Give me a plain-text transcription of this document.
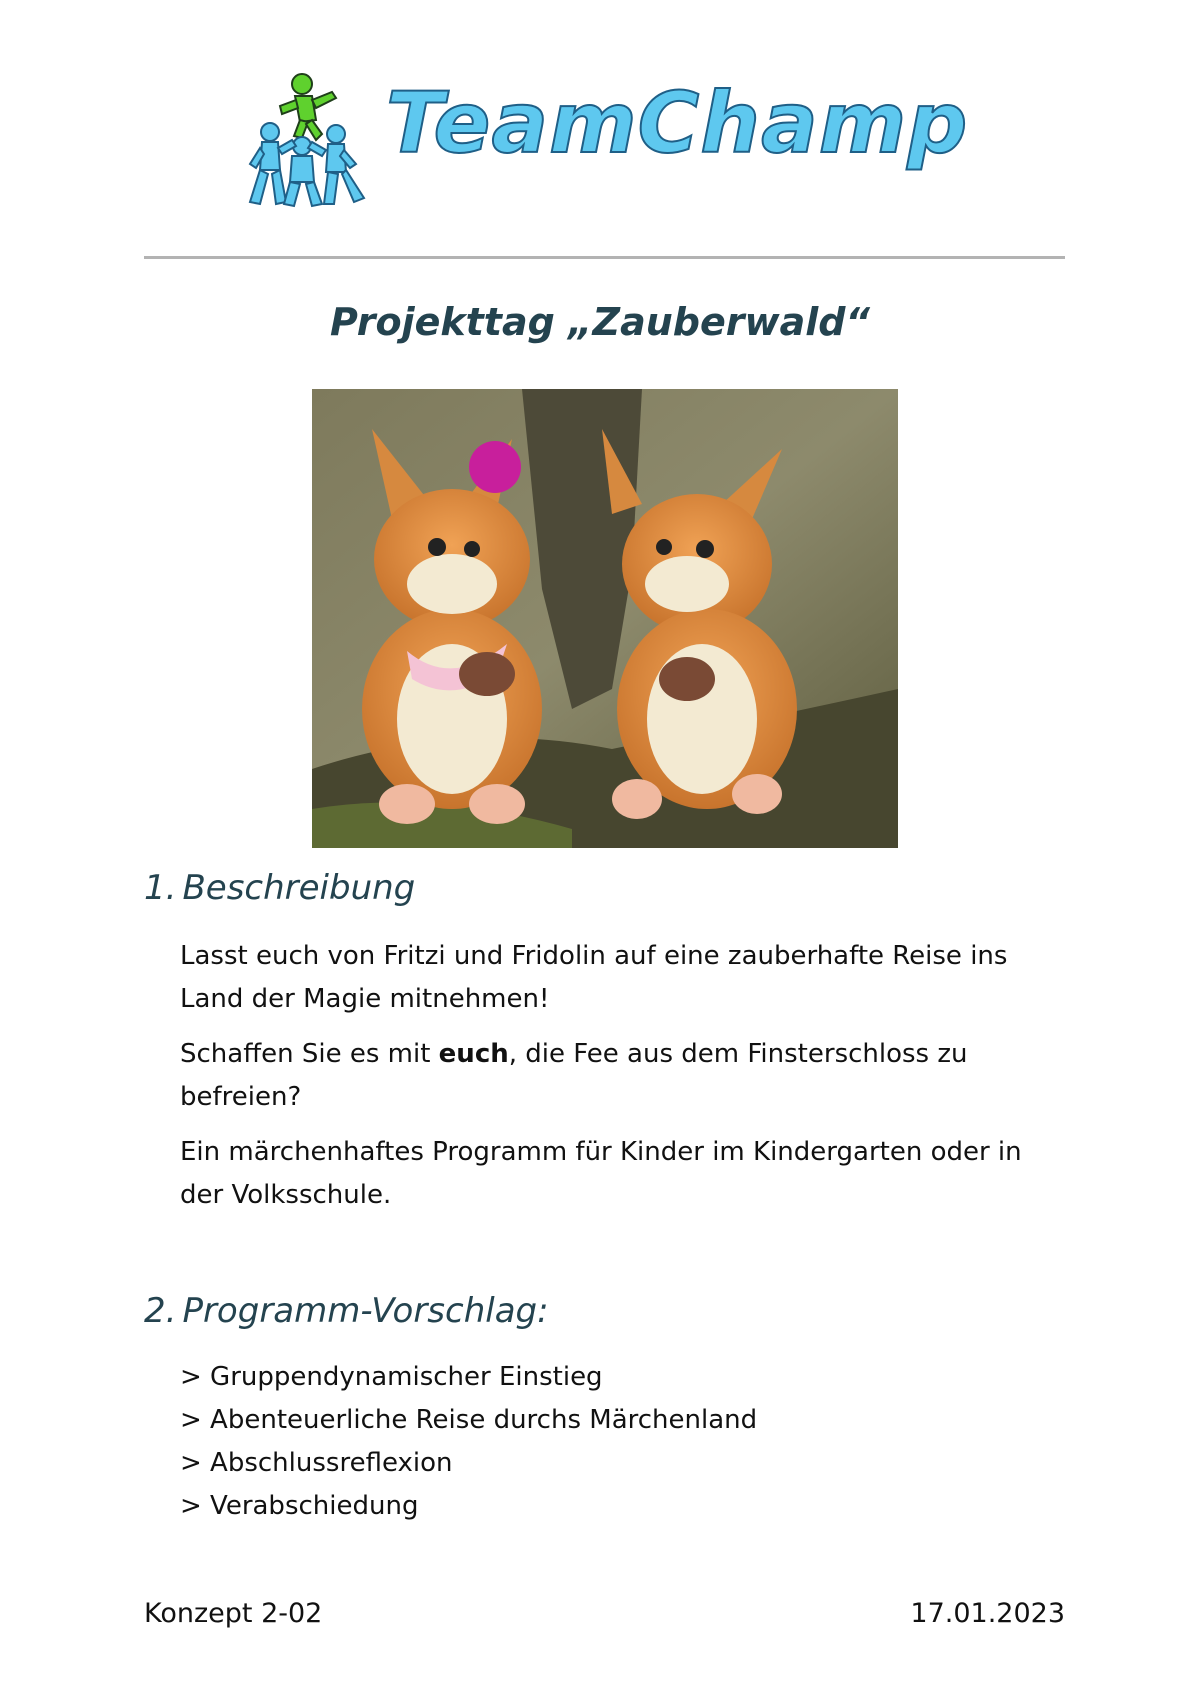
TeamChamp
Projekttag „Zauberwald“
1. Beschreibung
Lasst euch von Fritzi und Fridolin auf eine zauberhafte Reise ins Land der Magie mitnehmen!
Schaffen Sie es mit euch, die Fee aus dem Finsterschloss zu befreien?
Ein märchenhaftes Programm für Kinder im Kindergarten oder in der Volksschule.
2. Programm-Vorschlag:
> Gruppendynamischer Einstieg
> Abenteuerliche Reise durchs Märchenland
> Abschlussreflexion
> Verabschiedung
Konzept 2-02	17.01.2023
